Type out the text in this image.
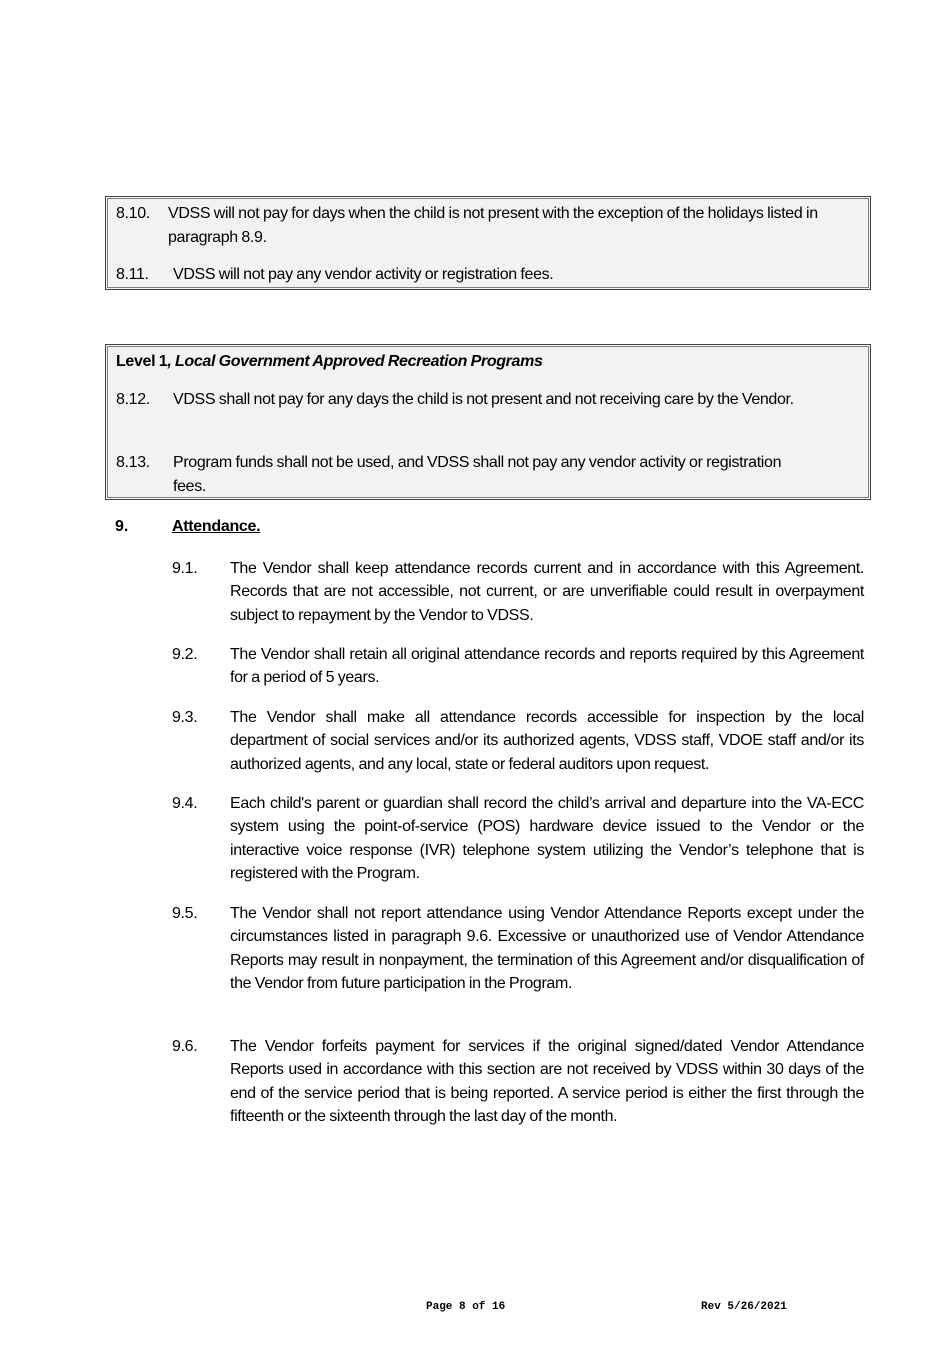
8.10. VDSS will not pay for days when the child is not present with the exception of the holidays listed in paragraph 8.9.
8.11. VDSS will not pay any vendor activity or registration fees.
Level 1, Local Government Approved Recreation Programs
8.12. VDSS shall not pay for any days the child is not present and not receiving care by the Vendor.
8.13. Program funds shall not be used, and VDSS shall not pay any vendor activity or registration fees.
9.	Attendance.
9.1. The Vendor shall keep attendance records current and in accordance with this Agreement. Records that are not accessible, not current, or are unverifiable could result in overpayment subject to repayment by the Vendor to VDSS.
9.2. The Vendor shall retain all original attendance records and reports required by this Agreement for a period of 5 years.
9.3. The Vendor shall make all attendance records accessible for inspection by the local department of social services and/or its authorized agents, VDSS staff, VDOE staff and/or its authorized agents, and any local, state or federal auditors upon request.
9.4. Each child's parent or guardian shall record the child’s arrival and departure into the VA-ECC system using the point-of-service (POS) hardware device issued to the Vendor or the interactive voice response (IVR) telephone system utilizing the Vendor’s telephone that is registered with the Program.
9.5. The Vendor shall not report attendance using Vendor Attendance Reports except under the circumstances listed in paragraph 9.6. Excessive or unauthorized use of Vendor Attendance Reports may result in nonpayment, the termination of this Agreement and/or disqualification of the Vendor from future participation in the Program.
9.6. The Vendor forfeits payment for services if the original signed/dated Vendor Attendance Reports used in accordance with this section are not received by VDSS within 30 days of the end of the service period that is being reported. A service period is either the first through the fifteenth or the sixteenth through the last day of the month.
Page 8 of 16	Rev 5/26/2021
